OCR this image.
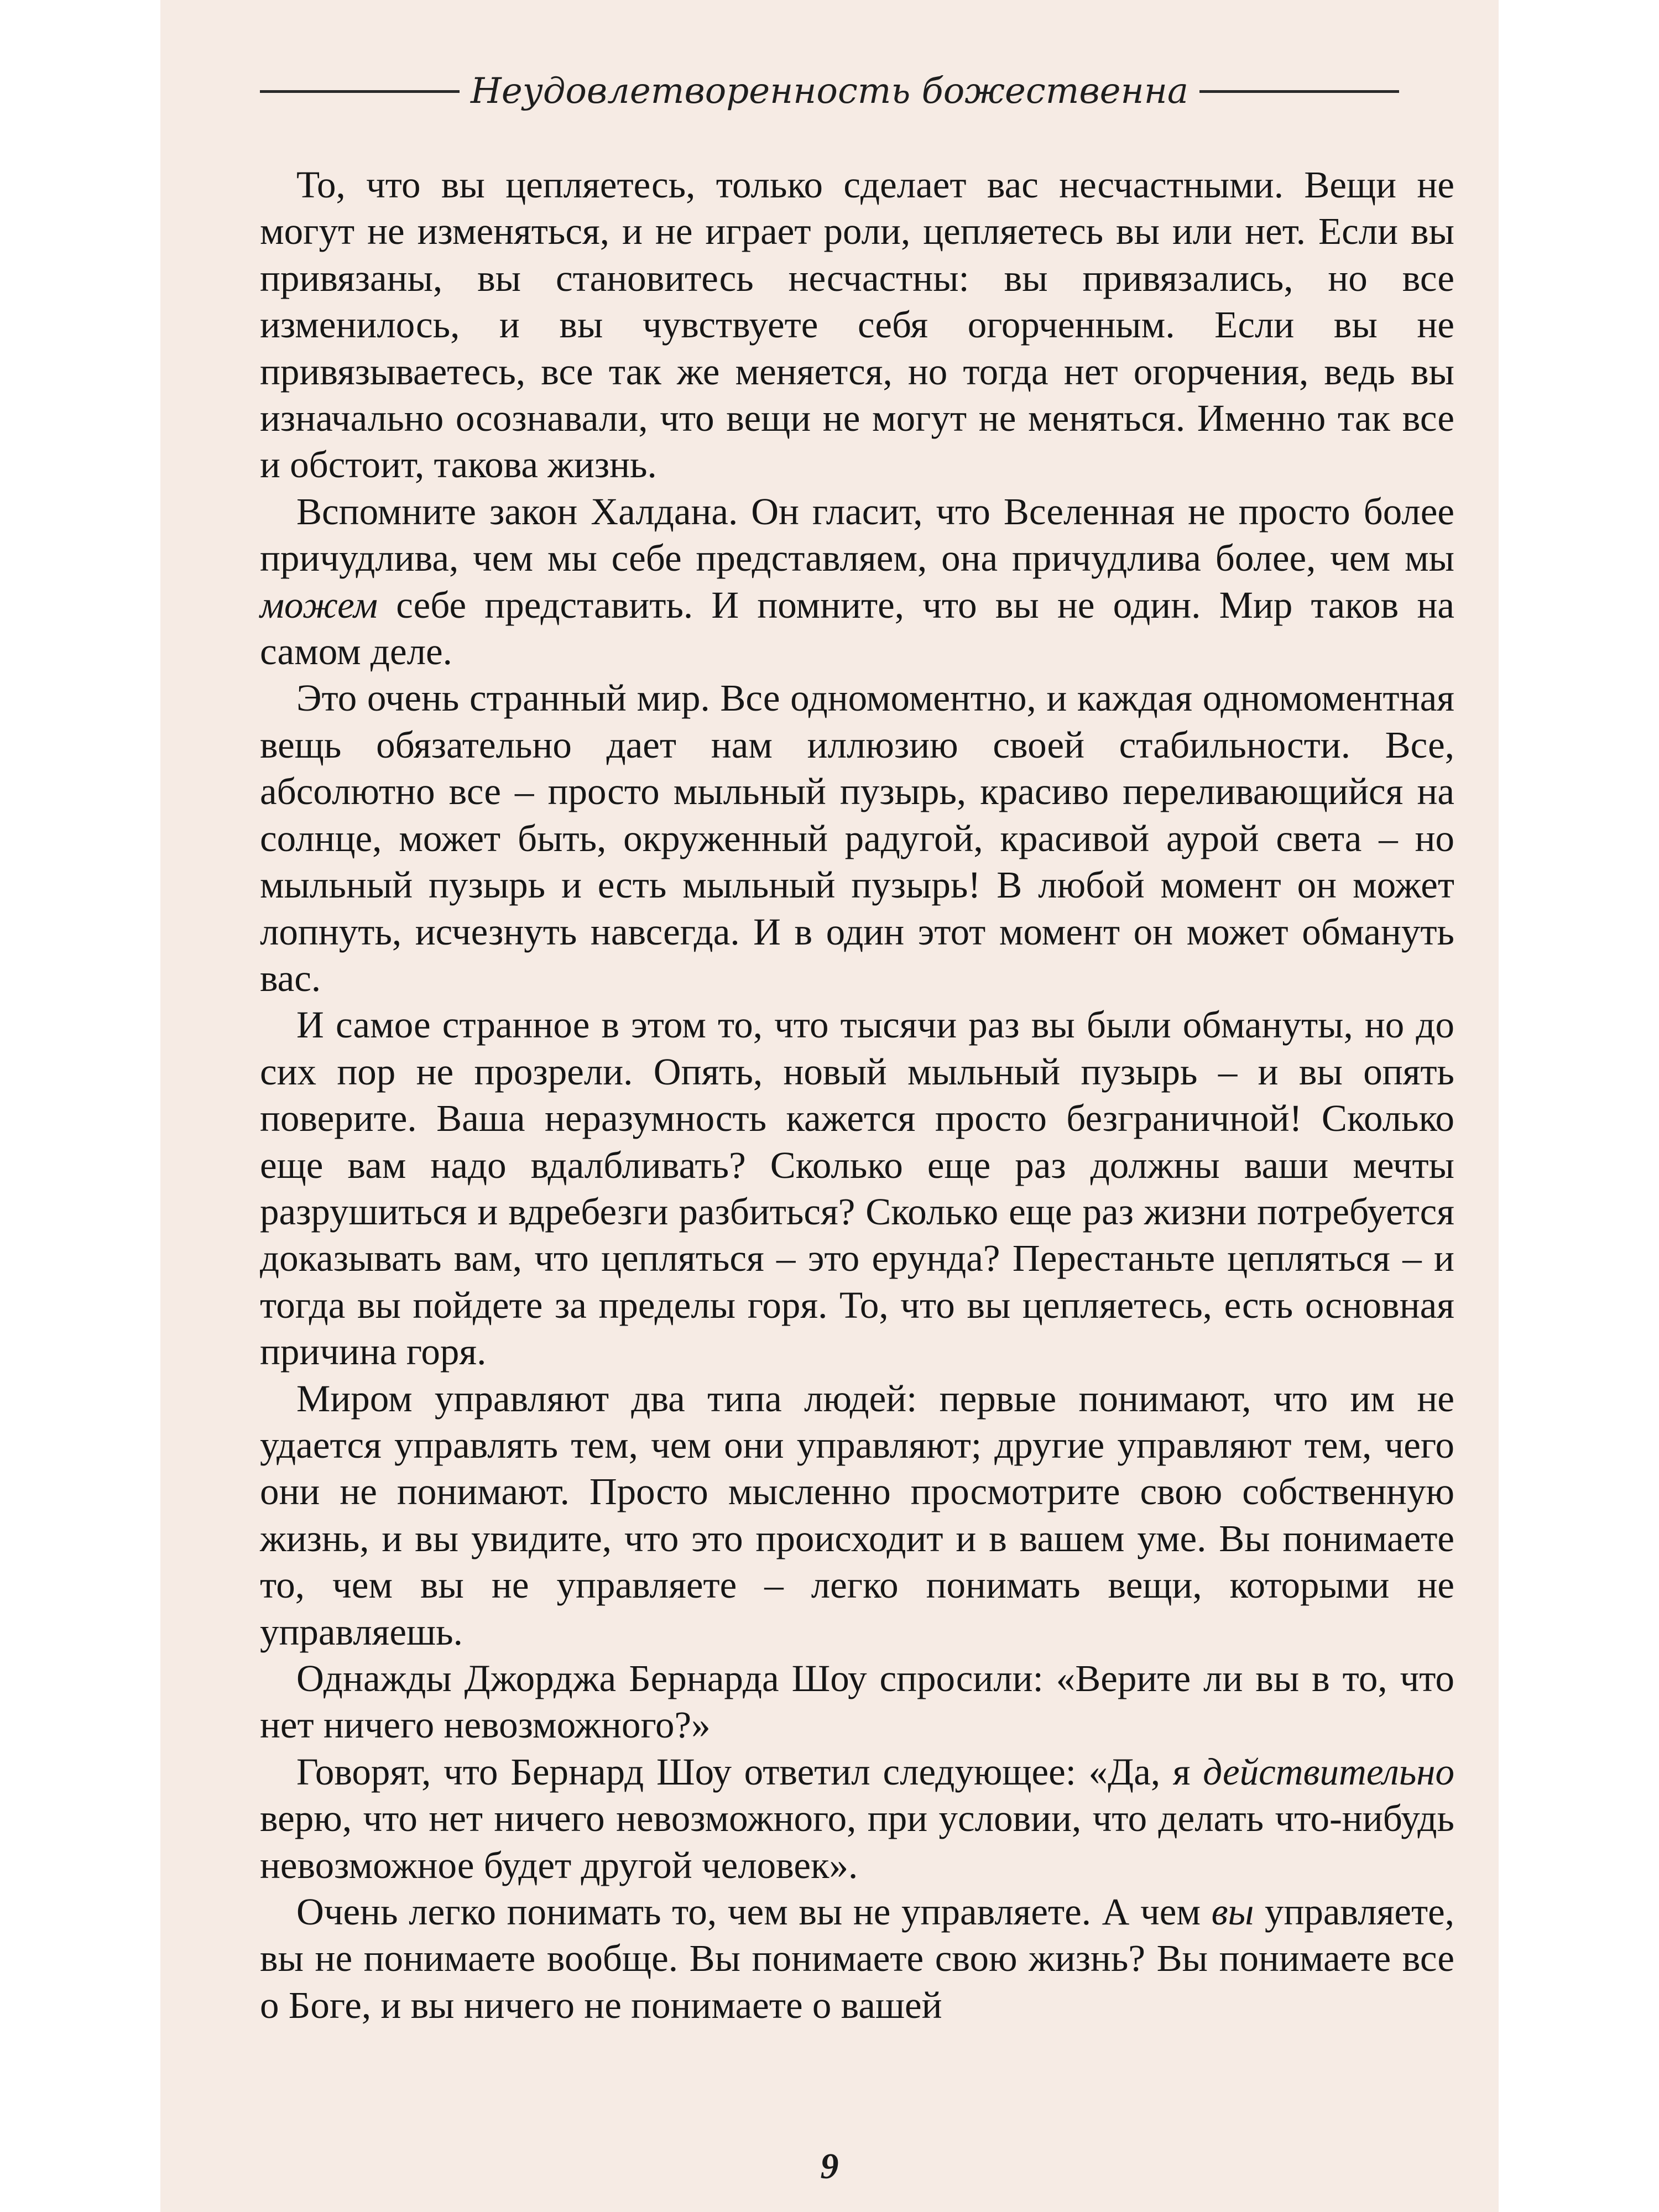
Неудовлетворенность божественна

То, что вы цепляетесь, только сделает вас несчастными. Вещи не могут не изменяться, и не играет роли, цепляетесь вы или нет. Если вы привязаны, вы становитесь несчастны: вы привязались, но все изменилось, и вы чувствуете себя огорченным. Если вы не привязываетесь, все так же меняется, но тогда нет огорчения, ведь вы изначально осознавали, что вещи не могут не меняться. Именно так все и обстоит, такова жизнь.

Вспомните закон Халдана. Он гласит, что Вселенная не просто более причудлива, чем мы себе представляем, она причудлива более, чем мы можем себе представить. И помните, что вы не один. Мир таков на самом деле.

Это очень странный мир. Все одномоментно, и каждая одномоментная вещь обязательно дает нам иллюзию своей стабильности. Все, абсолютно все – просто мыльный пузырь, красиво переливающийся на солнце, может быть, окруженный радугой, красивой аурой света – но мыльный пузырь и есть мыльный пузырь! В любой момент он может лопнуть, исчезнуть навсегда. И в один этот момент он может обмануть вас.

И самое странное в этом то, что тысячи раз вы были обмануты, но до сих пор не прозрели. Опять, новый мыльный пузырь – и вы опять поверите. Ваша неразумность кажется просто безграничной! Сколько еще вам надо вдалбливать? Сколько еще раз должны ваши мечты разрушиться и вдребезги разбиться? Сколько еще раз жизни потребуется доказывать вам, что цепляться – это ерунда? Перестаньте цепляться – и тогда вы пойдете за пределы горя. То, что вы цепляетесь, есть основная причина горя.

Миром управляют два типа людей: первые понимают, что им не удается управлять тем, чем они управляют; другие управляют тем, чего они не понимают. Просто мысленно просмотрите свою собственную жизнь, и вы увидите, что это происходит и в вашем уме. Вы понимаете то, чем вы не управляете – легко понимать вещи, которыми не управляешь.

Однажды Джорджа Бернарда Шоу спросили: «Верите ли вы в то, что нет ничего невозможного?»

Говорят, что Бернард Шоу ответил следующее: «Да, я действительно верю, что нет ничего невозможного, при условии, что делать что-нибудь невозможное будет другой человек».

Очень легко понимать то, чем вы не управляете. А чем вы управляете, вы не понимаете вообще. Вы понимаете свою жизнь? Вы понимаете все о Боге, и вы ничего не понимаете о вашей

9
